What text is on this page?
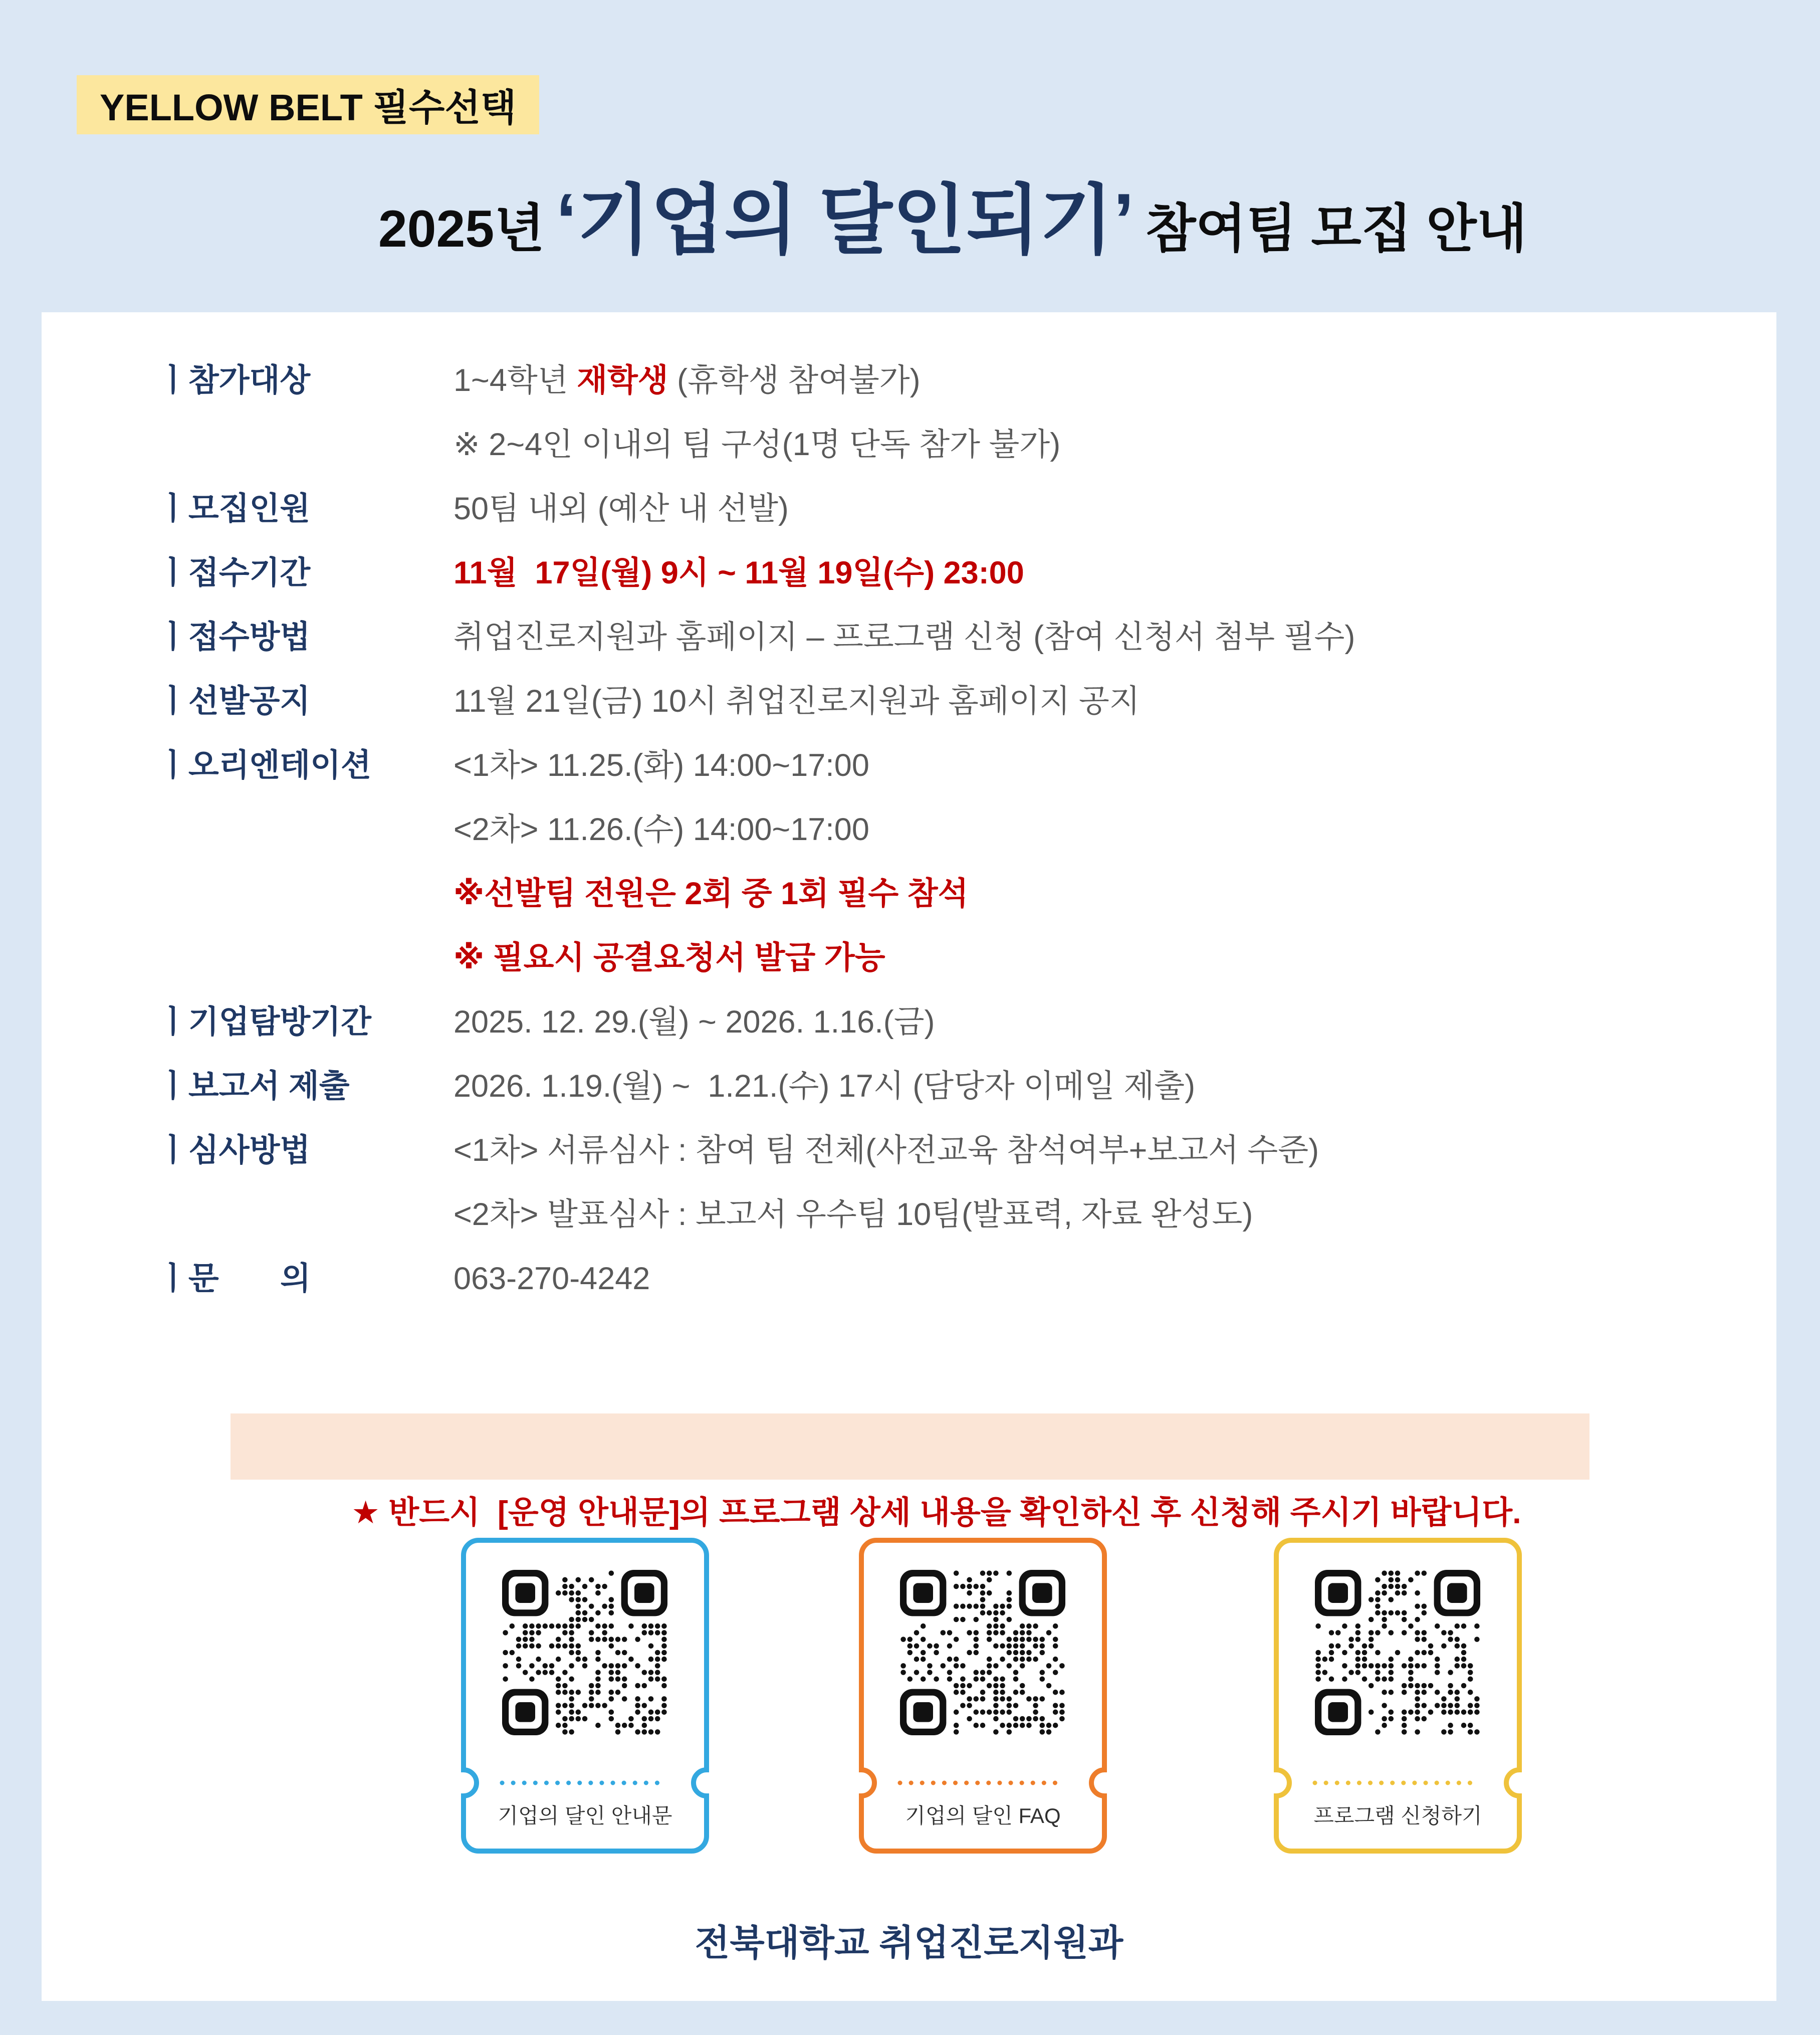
YELLOW BELT 필수선택
2025년 ‘기업의 달인되기’ 참여팀 모집 안내
ㅣ참가대상	1~4학년 재학생 (휴학생 참여불가)
※ 2~4인 이내의 팀 구성(1명 단독 참가 불가)
ㅣ모집인원	50팀 내외 (예산 내 선발)
ㅣ접수기간	11월  17일(월) 9시 ~ 11월 19일(수) 23:00
ㅣ접수방법	취업진로지원과 홈페이지 – 프로그램 신청 (참여 신청서 첨부 필수)
ㅣ선발공지	11월 21일(금) 10시 취업진로지원과 홈페이지 공지
ㅣ오리엔테이션	<1차> 11.25.(화) 14:00~17:00
<2차> 11.26.(수) 14:00~17:00
※선발팀 전원은 2회 중 1회 필수 참석
※ 필요시 공결요청서 발급 가능
ㅣ기업탐방기간	2025. 12. 29.(월) ~ 2026. 1.16.(금)
ㅣ보고서 제출	2026. 1.19.(월) ~  1.21.(수) 17시 (담당자 이메일 제출)
ㅣ심사방법	<1차> 서류심사 : 참여 팀 전체(사전교육 참석여부+보고서 수준)
<2차> 발표심사 : 보고서 우수팀 10팀(발표력, 자료 완성도)
ㅣ문       의	063-270-4242

★ 반드시  [운영 안내문]의 프로그램 상세 내용을 확인하신 후 신청해 주시기 바랍니다.

기업의 달인 안내문	기업의 달인 FAQ	프로그램 신청하기
전북대학교 취업진로지원과
